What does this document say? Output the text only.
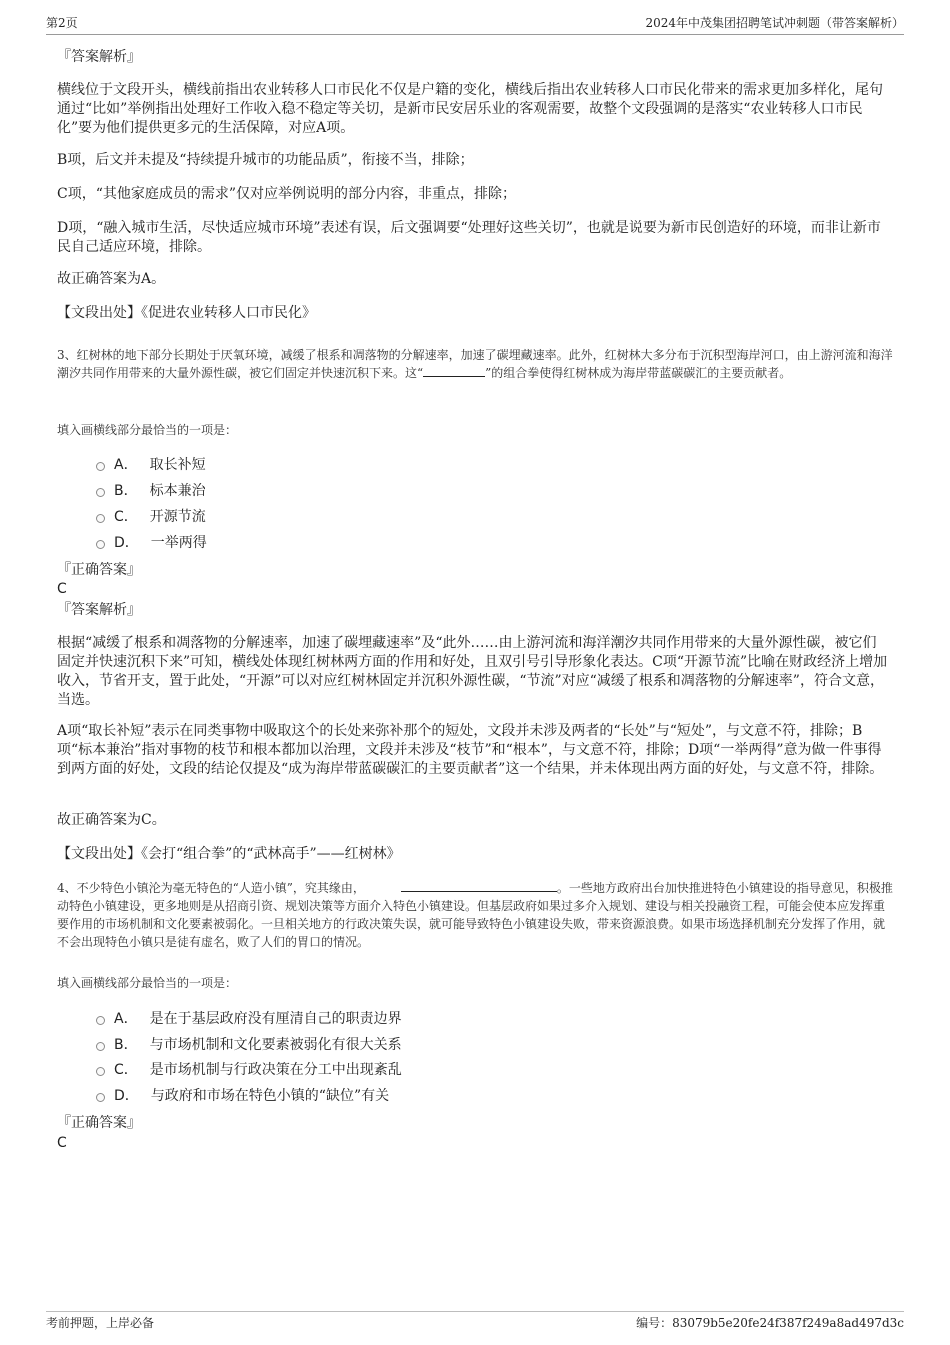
第2页	2024年中茂集团招聘笔试冲刺题（带答案解析）

『答案解析』

横线位于文段开头，横线前指出农业转移人口市民化不仅是户籍的变化，横线后指出农业转移人口市民化带来的需求更加多样化，尾句通过“比如”举例指出处理好工作收入稳不稳定等关切，是新市民安居乐业的客观需要，故整个文段强调的是落实“农业转移人口市民化”要为他们提供更多元的生活保障，对应A项。

B项，后文并未提及“持续提升城市的功能品质”，衔接不当，排除；

C项，“其他家庭成员的需求”仅对应举例说明的部分内容，非重点，排除；

D项，“融入城市生活，尽快适应城市环境”表述有误，后文强调要“处理好这些关切”，也就是说要为新市民创造好的环境，而非让新市民自己适应环境，排除。

故正确答案为A。

【文段出处】《促进农业转移人口市民化》

3、红树林的地下部分长期处于厌氧环境，减缓了根系和凋落物的分解速率，加速了碳埋藏速率。此外，红树林大多分布于沉积型海岸河口，由上游河流和海洋潮汐共同作用带来的大量外源性碳，被它们固定并快速沉积下来。这“	”的组合拳使得红树林成为海岸带蓝碳碳汇的主要贡献者。

填入画横线部分最恰当的一项是：

A． 取长补短
B． 标本兼治
C． 开源节流
D． 一举两得

『正确答案』

C

『答案解析』

根据“减缓了根系和凋落物的分解速率，加速了碳埋藏速率”及“此外……由上游河流和海洋潮汐共同作用带来的大量外源性碳，被它们固定并快速沉积下来”可知，横线处体现红树林两方面的作用和好处，且双引号引导形象化表达。C项“开源节流”比喻在财政经济上增加收入，节省开支，置于此处，“开源”可以对应红树林固定并沉积外源性碳，“节流”对应“减缓了根系和凋落物的分解速率”，符合文意，当选。

A项“取长补短”表示在同类事物中吸取这个的长处来弥补那个的短处，文段并未涉及两者的“长处”与“短处”，与文意不符，排除；B项“标本兼治”指对事物的枝节和根本都加以治理，文段并未涉及“枝节”和“根本”，与文意不符，排除；D项“一举两得”意为做一件事得到两方面的好处，文段的结论仅提及“成为海岸带蓝碳碳汇的主要贡献者”这一个结果，并未体现出两方面的好处，与文意不符，排除。

故正确答案为C。

【文段出处】《会打“组合拳”的“武林高手”——红树林》

4、不少特色小镇沦为毫无特色的“人造小镇”，究其缘由，	。一些地方政府出台加快推进特色小镇建设的指导意见，积极推动特色小镇建设，更多地则是从招商引资、规划决策等方面介入特色小镇建设。但基层政府如果过多介入规划、建设与相关投融资工程，可能会使本应发挥重要作用的市场机制和文化要素被弱化。一旦相关地方的行政决策失误，就可能导致特色小镇建设失败，带来资源浪费。如果市场选择机制充分发挥了作用，就不会出现特色小镇只是徒有虚名，败了人们的胃口的情况。

填入画横线部分最恰当的一项是：

A． 是在于基层政府没有厘清自己的职责边界
B． 与市场机制和文化要素被弱化有很大关系
C． 是市场机制与行政决策在分工中出现紊乱
D． 与政府和市场在特色小镇的“缺位”有关

『正确答案』

C

考前押题，上岸必备	编号：83079b5e20fe24f387f249a8ad497d3c
